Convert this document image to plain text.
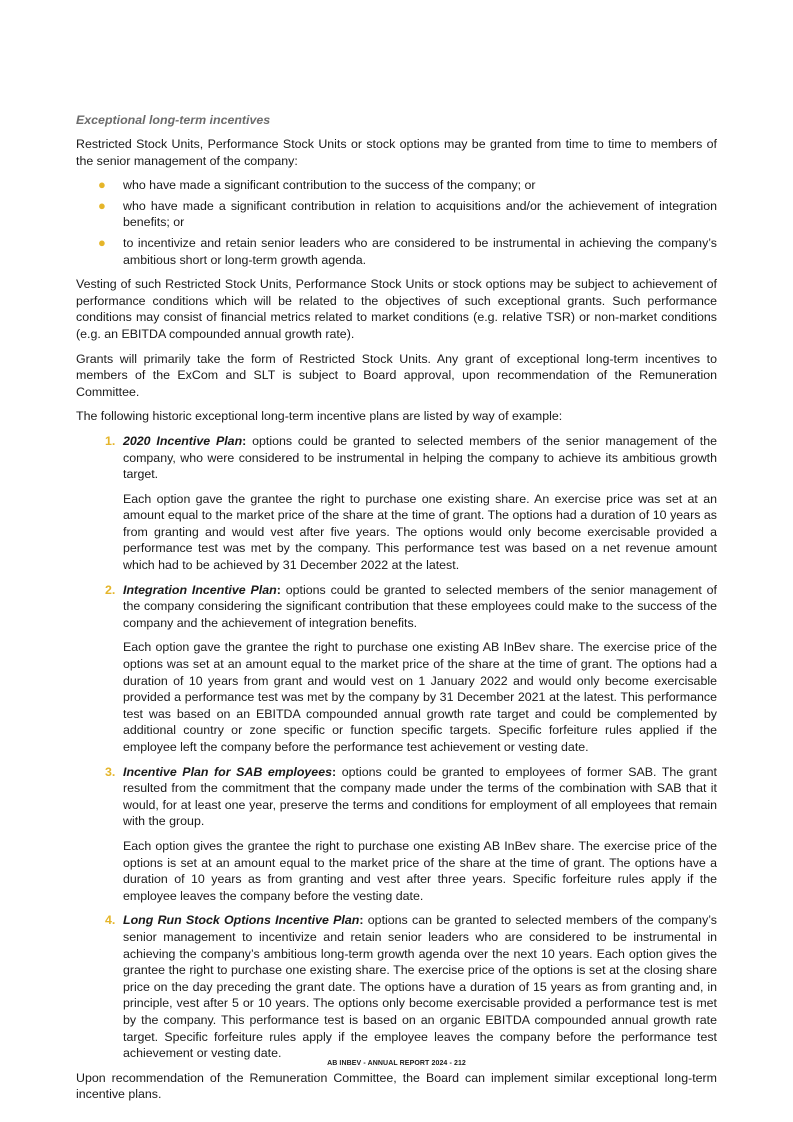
Exceptional long-term incentives

Restricted Stock Units, Performance Stock Units or stock options may be granted from time to time to members of the senior management of the company:

● who have made a significant contribution to the success of the company; or
● who have made a significant contribution in relation to acquisitions and/or the achievement of integration benefits; or
● to incentivize and retain senior leaders who are considered to be instrumental in achieving the company’s ambitious short or long-term growth agenda.

Vesting of such Restricted Stock Units, Performance Stock Units or stock options may be subject to achievement of performance conditions which will be related to the objectives of such exceptional grants. Such performance conditions may consist of financial metrics related to market conditions (e.g. relative TSR) or non-market conditions (e.g. an EBITDA compounded annual growth rate).

Grants will primarily take the form of Restricted Stock Units. Any grant of exceptional long-term incentives to members of the ExCom and SLT is subject to Board approval, upon recommendation of the Remuneration Committee.

The following historic exceptional long-term incentive plans are listed by way of example:

1. 2020 Incentive Plan: options could be granted to selected members of the senior management of the company, who were considered to be instrumental in helping the company to achieve its ambitious growth target.

Each option gave the grantee the right to purchase one existing share. An exercise price was set at an amount equal to the market price of the share at the time of grant. The options had a duration of 10 years as from granting and would vest after five years. The options would only become exercisable provided a performance test was met by the company. This performance test was based on a net revenue amount which had to be achieved by 31 December 2022 at the latest.

2. Integration Incentive Plan: options could be granted to selected members of the senior management of the company considering the significant contribution that these employees could make to the success of the company and the achievement of integration benefits.

Each option gave the grantee the right to purchase one existing AB InBev share. The exercise price of the options was set at an amount equal to the market price of the share at the time of grant. The options had a duration of 10 years from grant and would vest on 1 January 2022 and would only become exercisable provided a performance test was met by the company by 31 December 2021 at the latest. This performance test was based on an EBITDA compounded annual growth rate target and could be complemented by additional country or zone specific or function specific targets. Specific forfeiture rules applied if the employee left the company before the performance test achievement or vesting date.

3. Incentive Plan for SAB employees: options could be granted to employees of former SAB. The grant resulted from the commitment that the company made under the terms of the combination with SAB that it would, for at least one year, preserve the terms and conditions for employment of all employees that remain with the group.

Each option gives the grantee the right to purchase one existing AB InBev share. The exercise price of the options is set at an amount equal to the market price of the share at the time of grant. The options have a duration of 10 years as from granting and vest after three years. Specific forfeiture rules apply if the employee leaves the company before the vesting date.

4. Long Run Stock Options Incentive Plan: options can be granted to selected members of the company’s senior management to incentivize and retain senior leaders who are considered to be instrumental in achieving the company’s ambitious long-term growth agenda over the next 10 years. Each option gives the grantee the right to purchase one existing share. The exercise price of the options is set at the closing share price on the day preceding the grant date. The options have a duration of 15 years as from granting and, in principle, vest after 5 or 10 years. The options only become exercisable provided a performance test is met by the company. This performance test is based on an organic EBITDA compounded annual growth rate target. Specific forfeiture rules apply if the employee leaves the company before the performance test achievement or vesting date.

Upon recommendation of the Remuneration Committee, the Board can implement similar exceptional long-term incentive plans.

AB INBEV - ANNUAL REPORT 2024 - 212
